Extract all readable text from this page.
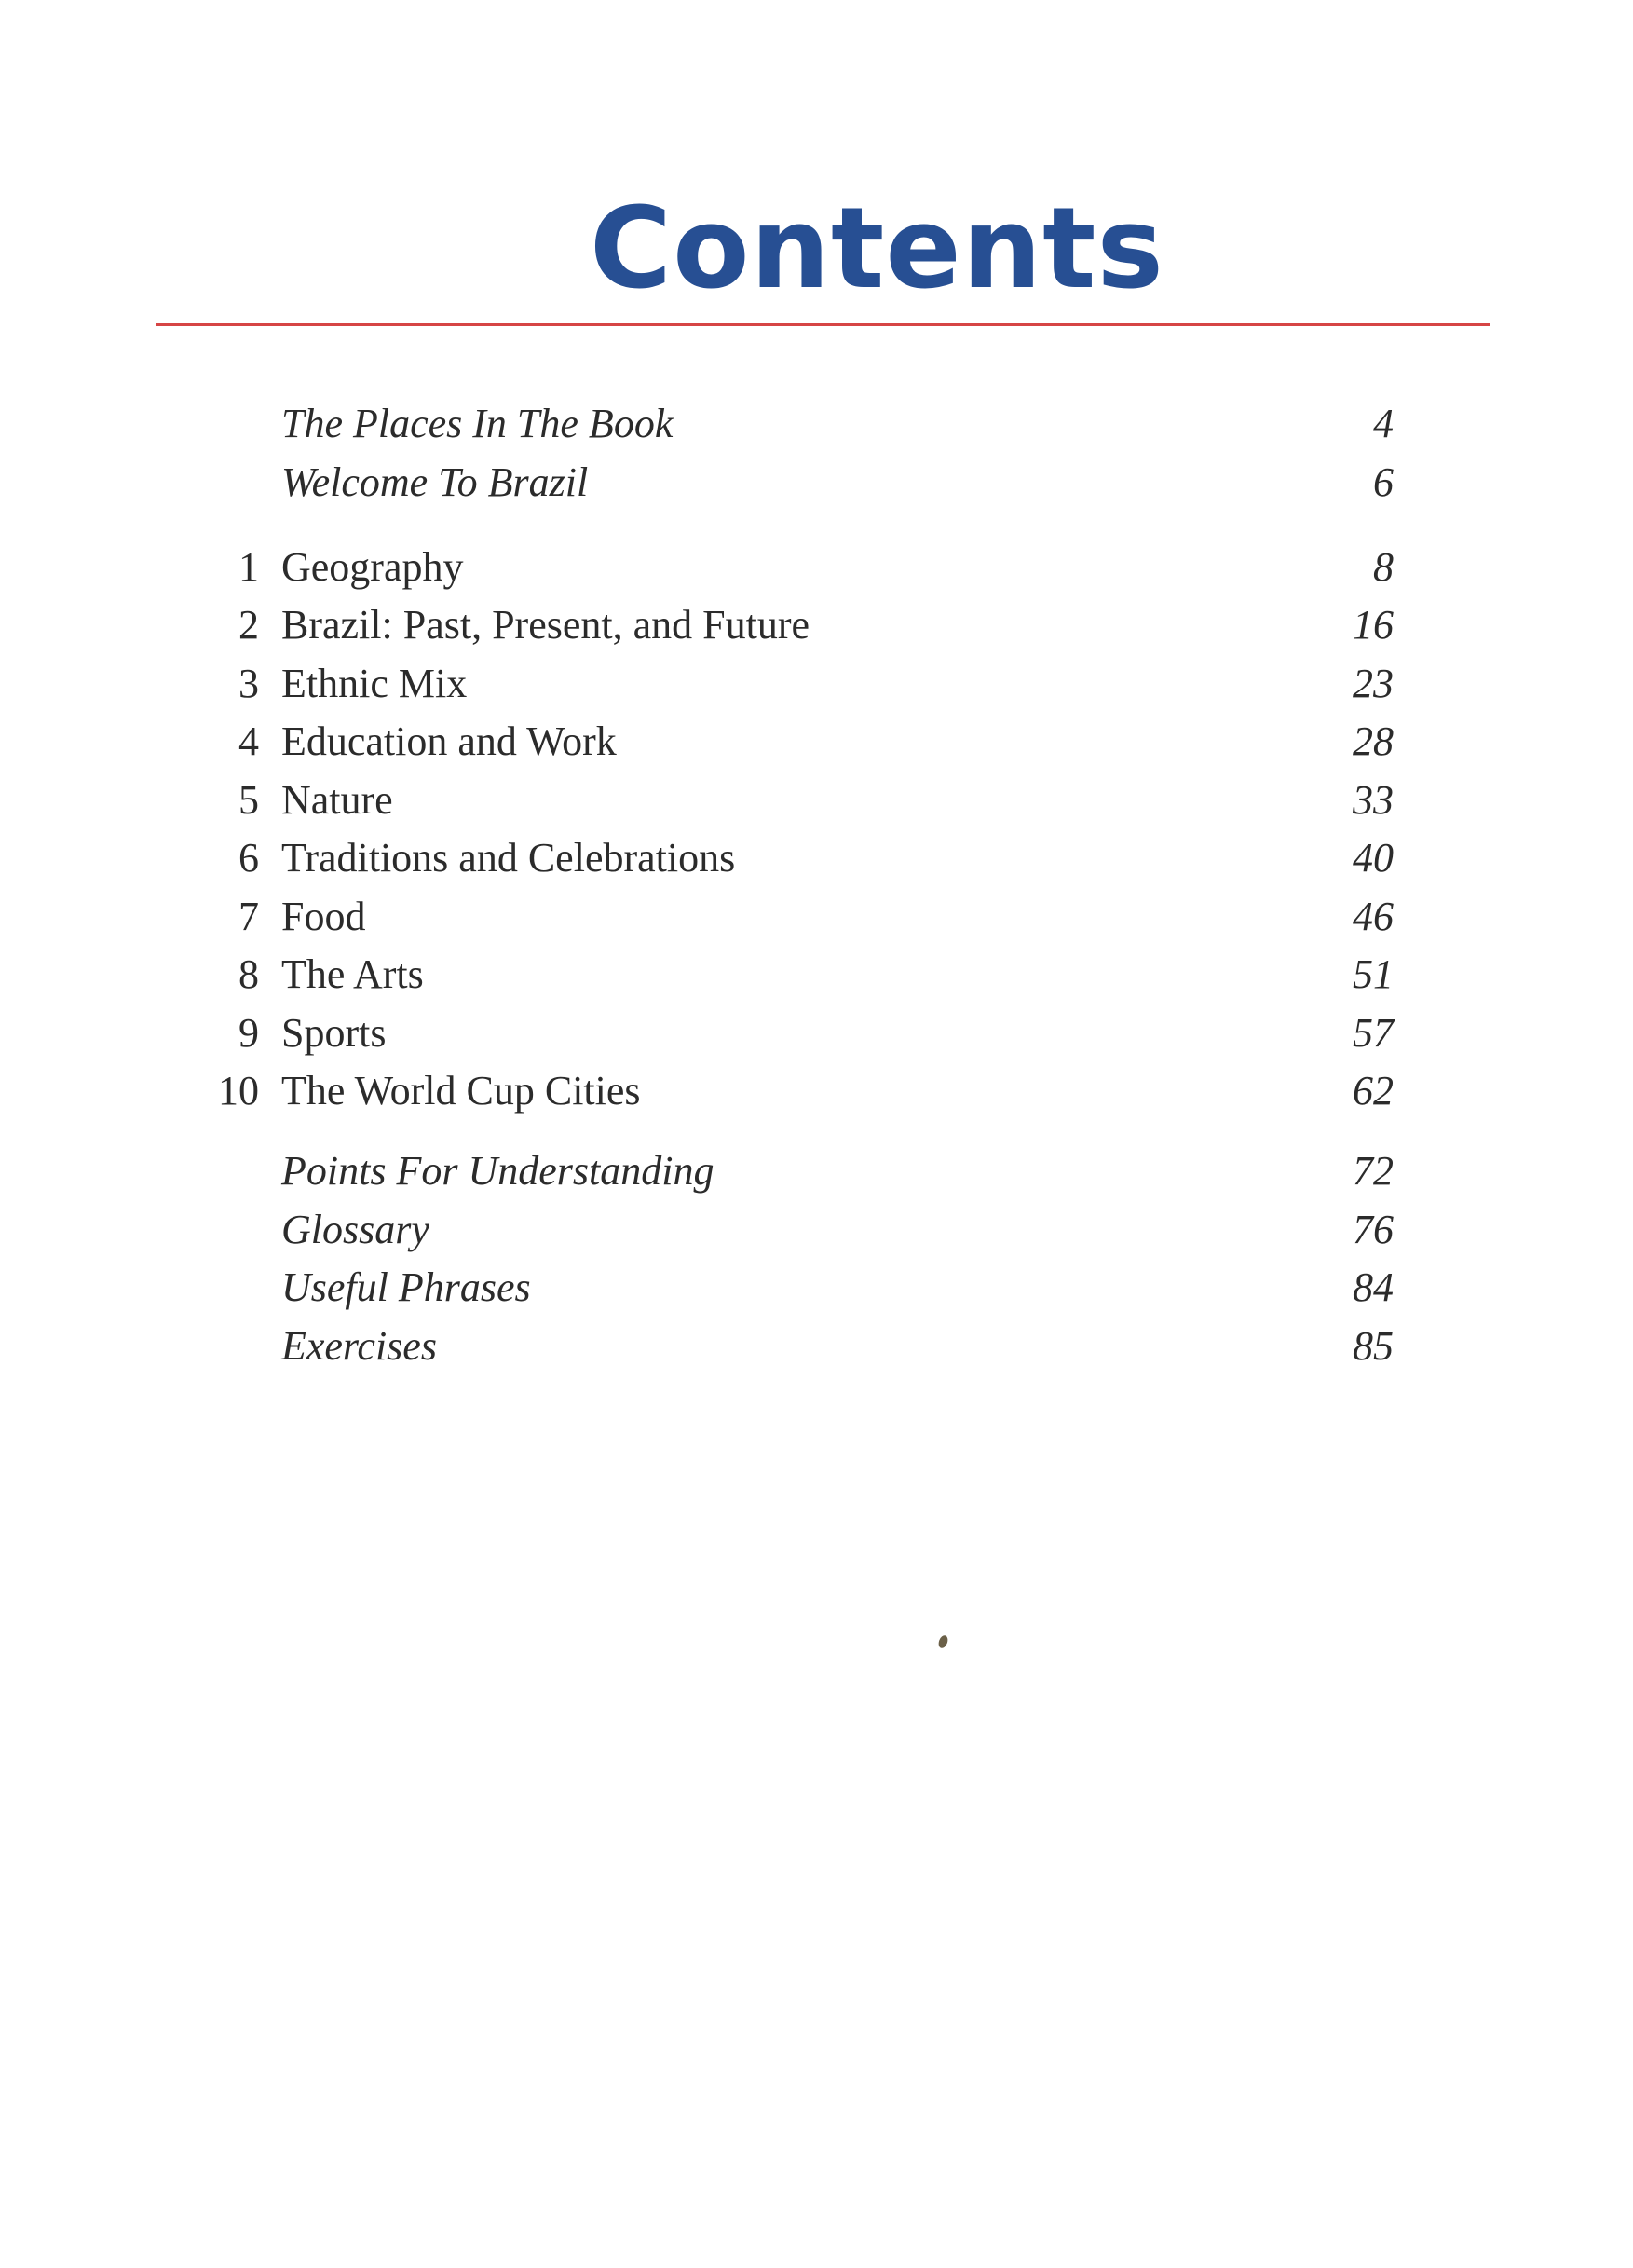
Contents
The Places In The Book	4
Welcome To Brazil	6
1 Geography	8
2 Brazil: Past, Present, and Future	16
3 Ethnic Mix	23
4 Education and Work	28
5 Nature	33
6 Traditions and Celebrations	40
7 Food	46
8 The Arts	51
9 Sports	57
10 The World Cup Cities	62
Points For Understanding	72
Glossary	76
Useful Phrases	84
Exercises	85
